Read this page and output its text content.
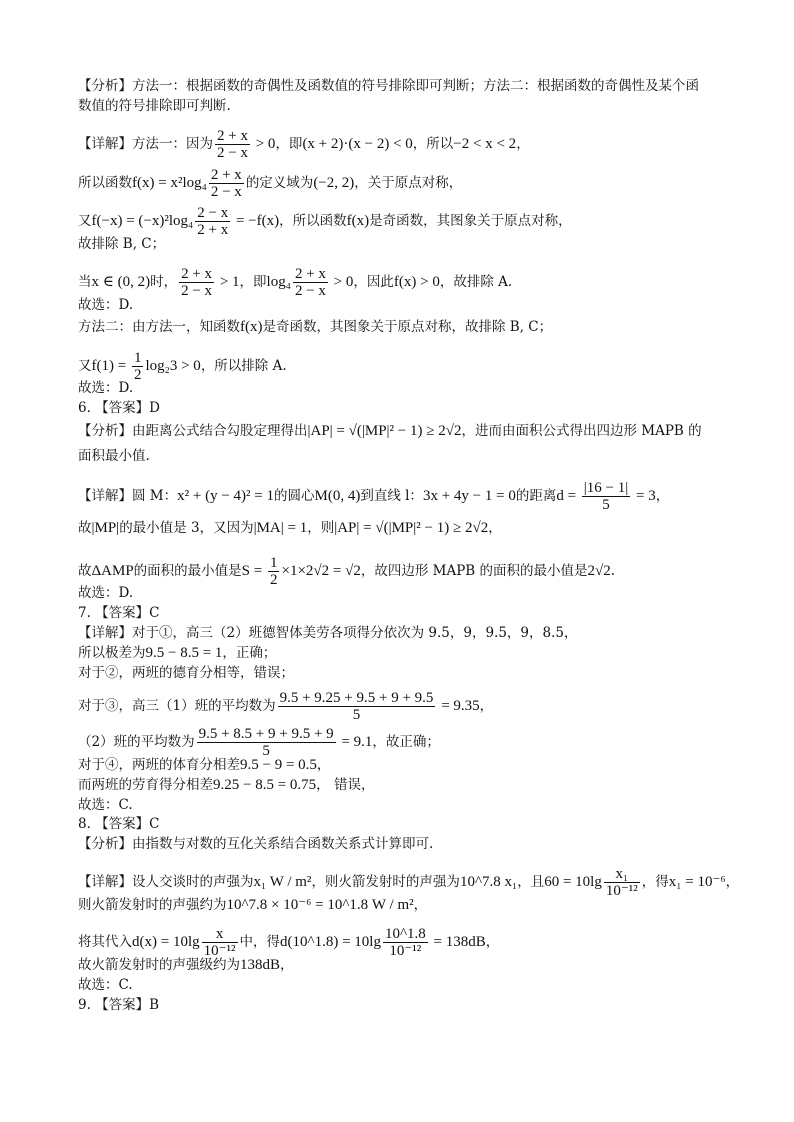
【分析】方法一：根据函数的奇偶性及函数值的符号排除即可判断；方法二：根据函数的奇偶性及某个函
数值的符号排除即可判断.
【详解】方法一：因为 $\frac{2 + x}{2 - x} > 0$，即(x + 2)·(x − 2) < 0，所以−2 < x < 2，
所以函数$f(x) = x^2\log_4 \frac{2 + x}{2 - x}$ 的定义域为(−2, 2)，关于原点对称，
又$f(-x) = (-x)^2\log_4 \frac{2 - x}{2 + x} = -f(x)$，所以函数f(x)是奇函数，其图象关于原点对称，
故排除 B, C；
当x ∈ (0, 2)时， $\frac{2 + x}{2 - x} > 1$，即$\log_4 \frac{2 + x}{2 - x} > 0$，因此f(x) > 0，故排除 A.
故选：D.
方法二：由方法一，知函数f(x)是奇函数，其图象关于原点对称，故排除 B, C；
又$f(1) = \frac{1}{2} \log_23 > 0$，所以排除 A.
故选：D.
6. 【答案】D
【分析】由距离公式结合勾股定理得出|AP| = √(|MP|² − 1) ≥ 2√2，进而由面积公式得出四边形 MAPB 的
面积最小值.
【详解】圆 M：x² + (y − 4)² = 1的圆心M(0, 4)到直线 l：3x + 4y − 1 = 0的距离$d = \frac{|16 - 1|}{5} = 3$，
故|MP|的最小值是 3，又因为|MA| = 1，则|AP| = √(|MP|² − 1) ≥ 2√2，
故ΔAMP的面积的最小值是$S = \frac{1}{2} \times 1\times 2√2 = √2$，故四边形 MAPB 的面积的最小值是2√2.
故选：D.
7. 【答案】C
【详解】对于①，高三（2）班德智体美劳各项得分依次为 9.5，9，9.5，9，8.5，
所以极差为9.5 − 8.5 = 1，正确；
对于②，两班的德育分相等，错误；
对于③，高三（1）班的平均数为 $\frac{9.5 + 9.25 + 9.5 + 9 + 9.5}{5} = 9.35$，
（2）班的平均数为 $\frac{9.5 + 8.5 + 9 + 9.5 + 9}{5} = 9.1$，故正确；
对于④，两班的体育分相差9.5 − 9 = 0.5，
而两班的劳育得分相差9.25 − 8.5 = 0.75， 错误，
故选：C.
8. 【答案】C
【分析】由指数与对数的互化关系结合函数关系式计算即可.
【详解】设人交谈时的声强为x₁ W / m²，则火箭发射时的声强为10^7.8 x₁，且$60 = 10\lg \frac{\text{x₁}}{\text{10⁻¹²}}$ ，得x₁ = 10⁻⁶，
则火箭发射时的声强约为10^7.8 × 10⁻⁶ = 10^1.8 W / m²，
将其代入$d(x) = 10\lg \frac{x}{\text{10⁻¹²}}$ 中，得d(10^1.8) = $10\lg \frac{10\^{}1.8}{\text{10⁻¹²}} = 138dB$，
故火箭发射时的声强级约为138dB，
故选：C.
9. 【答案】B
